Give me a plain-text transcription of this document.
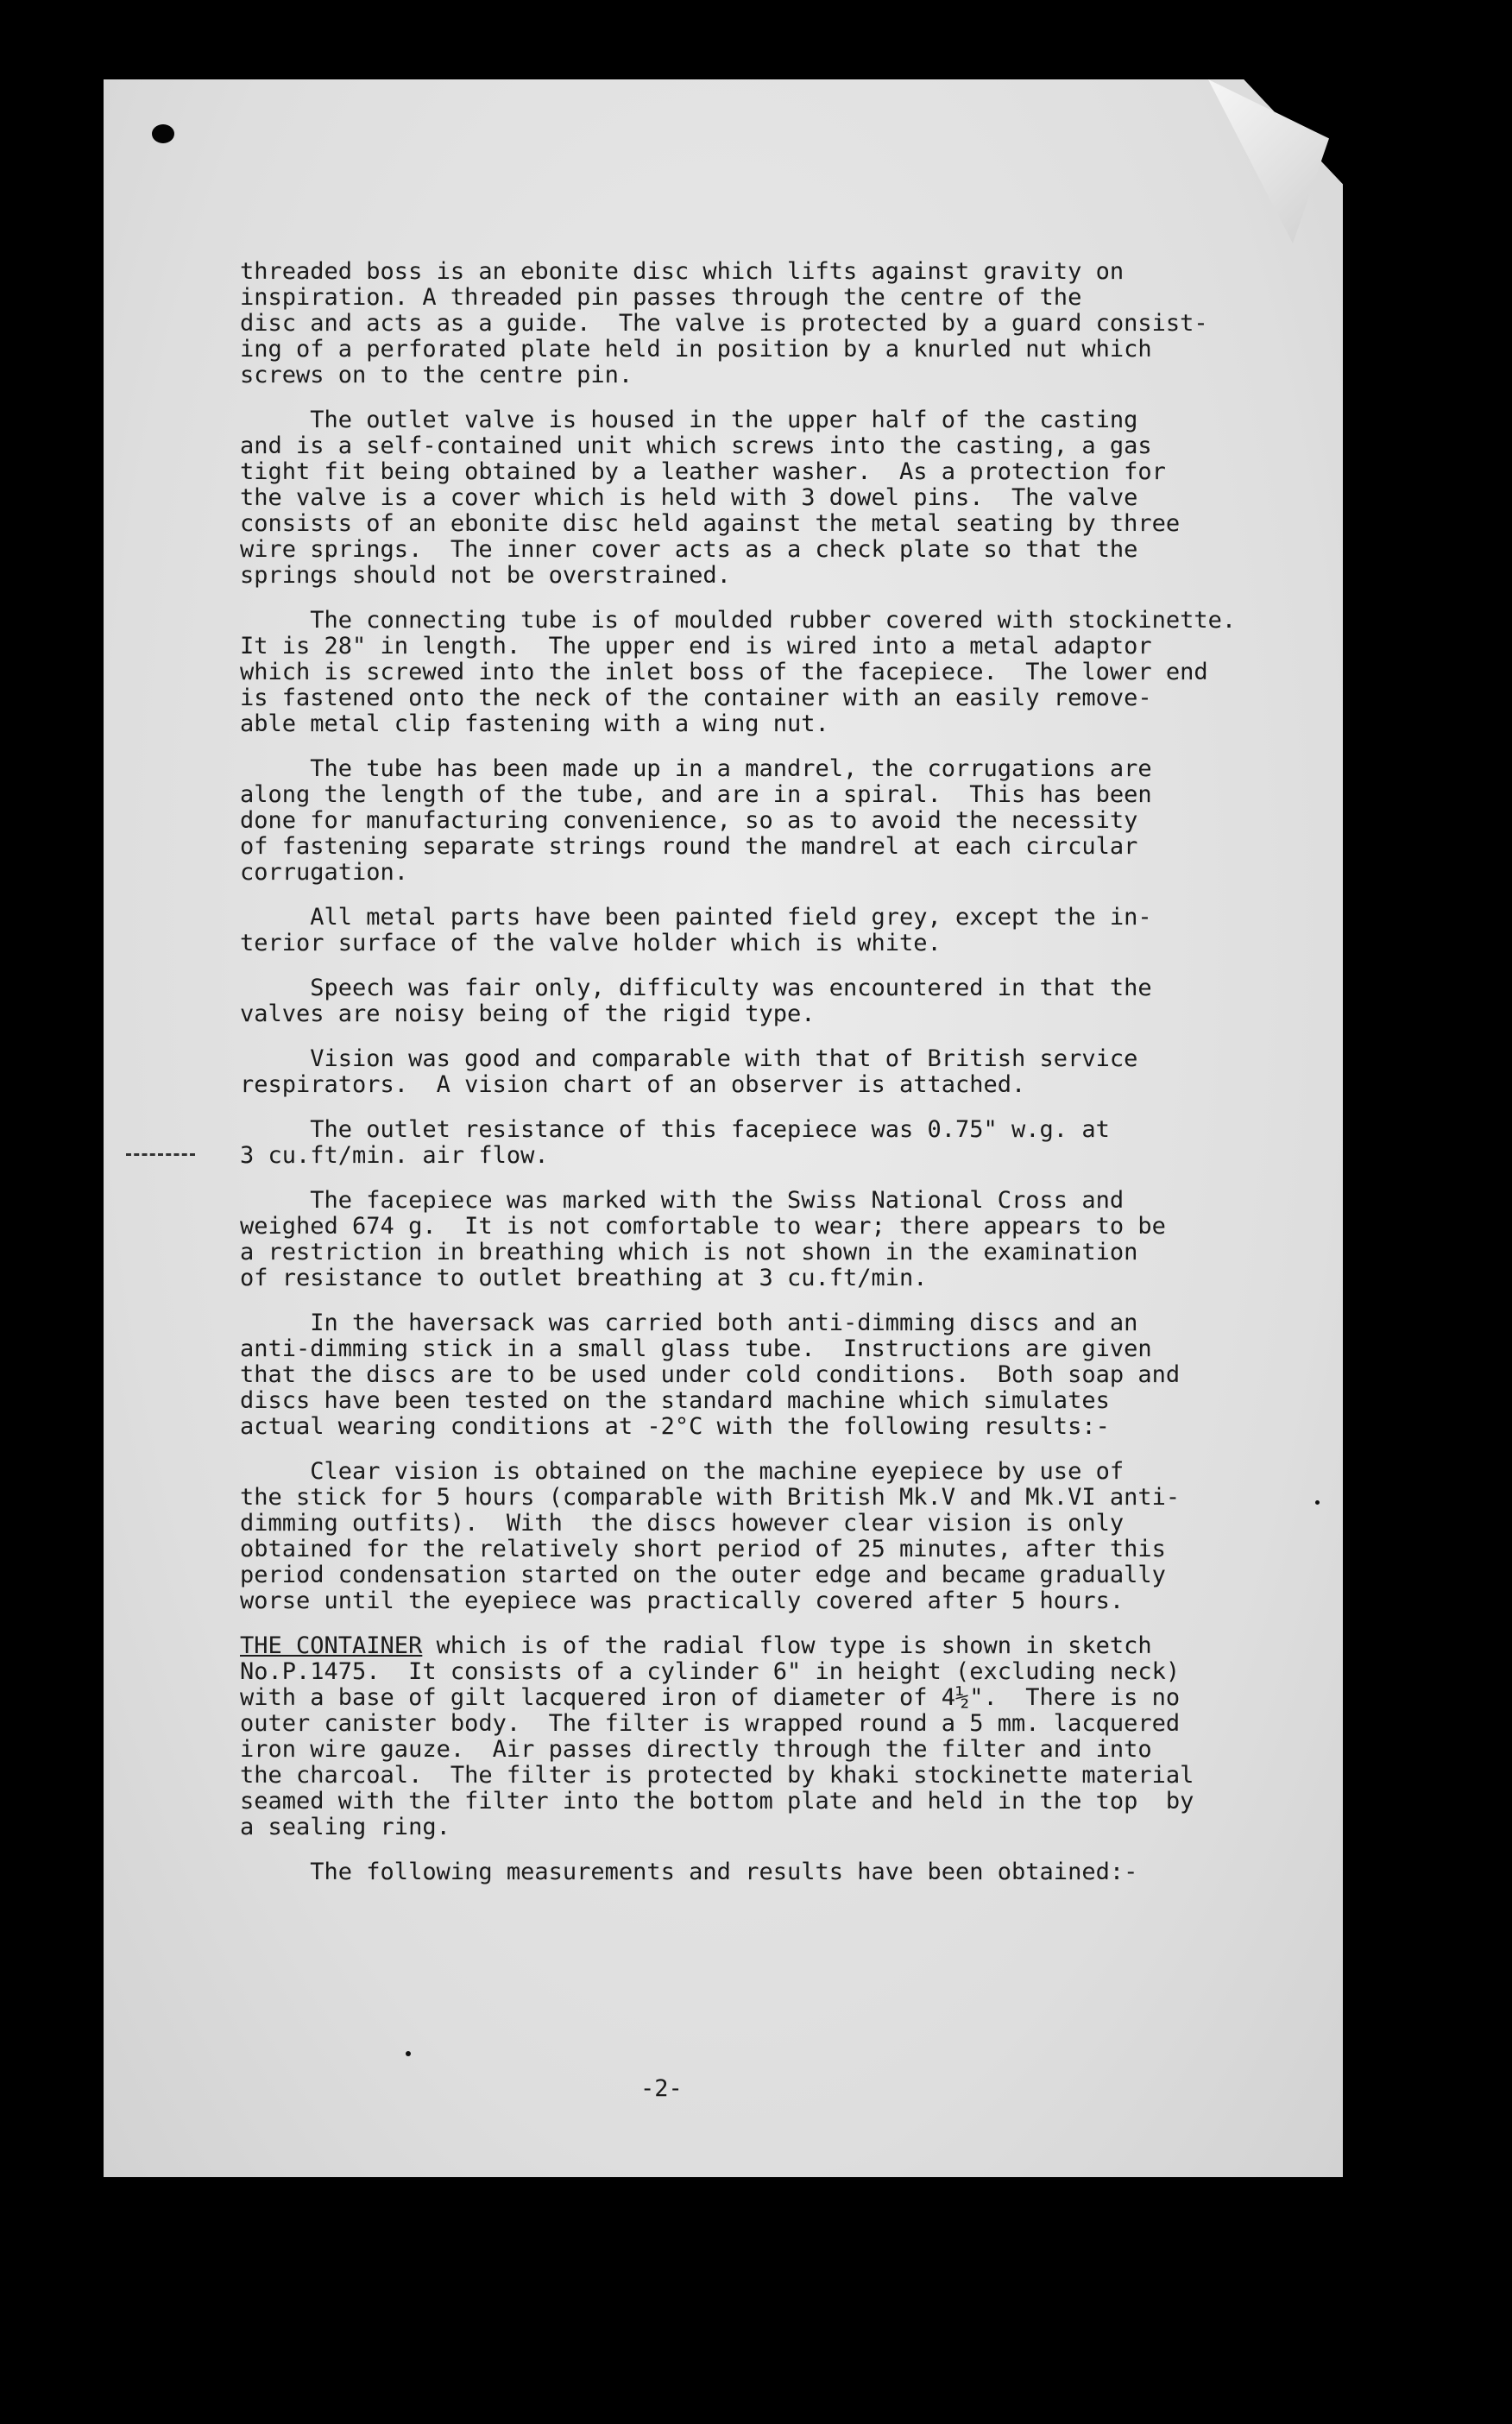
threaded boss is an ebonite disc which lifts against gravity on
inspiration. A threaded pin passes through the centre of the
disc and acts as a guide.  The valve is protected by a guard consist-
ing of a perforated plate held in position by a knurled nut which
screws on to the centre pin.

The outlet valve is housed in the upper half of the casting
and is a self-contained unit which screws into the casting, a gas
tight fit being obtained by a leather washer.  As a protection for
the valve is a cover which is held with 3 dowel pins.  The valve
consists of an ebonite disc held against the metal seating by three
wire springs.  The inner cover acts as a check plate so that the
springs should not be overstrained.

The connecting tube is of moulded rubber covered with stockinette.
It is 28" in length.  The upper end is wired into a metal adaptor
which is screwed into the inlet boss of the facepiece.  The lower end
is fastened onto the neck of the container with an easily remove-
able metal clip fastening with a wing nut.

The tube has been made up in a mandrel, the corrugations are
along the length of the tube, and are in a spiral.  This has been
done for manufacturing convenience, so as to avoid the necessity
of fastening separate strings round the mandrel at each circular
corrugation.

All metal parts have been painted field grey, except the in-
terior surface of the valve holder which is white.

Speech was fair only, difficulty was encountered in that the
valves are noisy being of the rigid type.

Vision was good and comparable with that of British service
respirators.  A vision chart of an observer is attached.

The outlet resistance of this facepiece was 0.75" w.g. at
3 cu.ft/min. air flow.

The facepiece was marked with the Swiss National Cross and
weighed 674 g.  It is not comfortable to wear; there appears to be
a restriction in breathing which is not shown in the examination
of resistance to outlet breathing at 3 cu.ft/min.

In the haversack was carried both anti-dimming discs and an
anti-dimming stick in a small glass tube.  Instructions are given
that the discs are to be used under cold conditions.  Both soap and
discs have been tested on the standard machine which simulates
actual wearing conditions at -2°C with the following results:-

Clear vision is obtained on the machine eyepiece by use of
the stick for 5 hours (comparable with British Mk.V and Mk.VI anti-
dimming outfits).  With  the discs however clear vision is only
obtained for the relatively short period of 25 minutes, after this
period condensation started on the outer edge and became gradually
worse until the eyepiece was practically covered after 5 hours.

THE CONTAINER which is of the radial flow type is shown in sketch
No.P.1475.  It consists of a cylinder 6" in height (excluding neck)
with a base of gilt lacquered iron of diameter of 4½".  There is no
outer canister body.  The filter is wrapped round a 5 mm. lacquered
iron wire gauze.  Air passes directly through the filter and into
the charcoal.  The filter is protected by khaki stockinette material
seamed with the filter into the bottom plate and held in the top  by
a sealing ring.

The following measurements and results have been obtained:-

-2-
